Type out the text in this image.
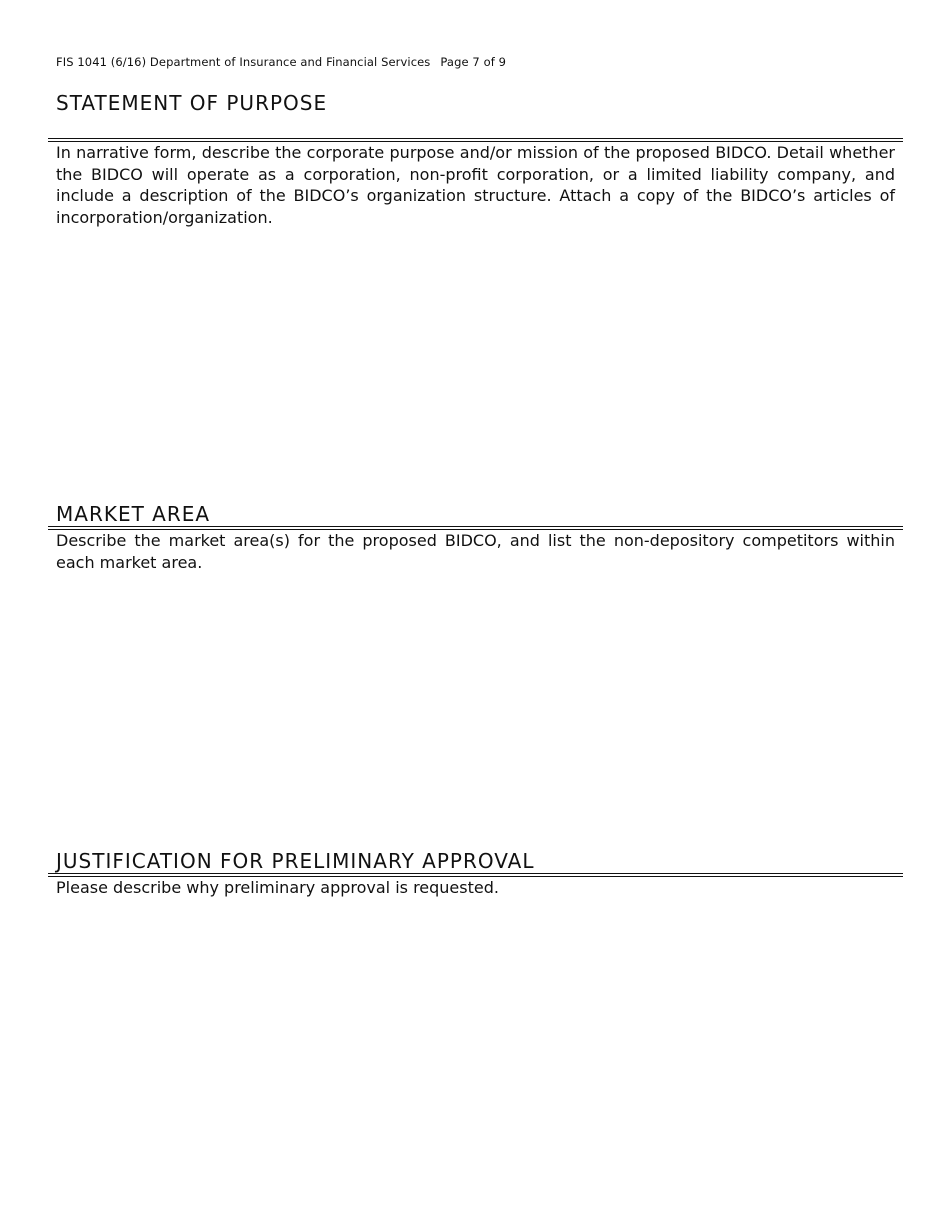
FIS 1041 (6/16) Department of Insurance and Financial Services Page 7 of 9
STATEMENT OF PURPOSE

In narrative form, describe the corporate purpose and/or mission of the proposed BIDCO. Detail whether the BIDCO will operate as a corporation, non-profit corporation, or a limited liability company, and include a description of the BIDCO’s organization structure. Attach a copy of the BIDCO’s articles of incorporation/organization.

MARKET AREA

Describe the market area(s) for the proposed BIDCO, and list the non-depository competitors within each market area.

JUSTIFICATION FOR PRELIMINARY APPROVAL

Please describe why preliminary approval is requested.
